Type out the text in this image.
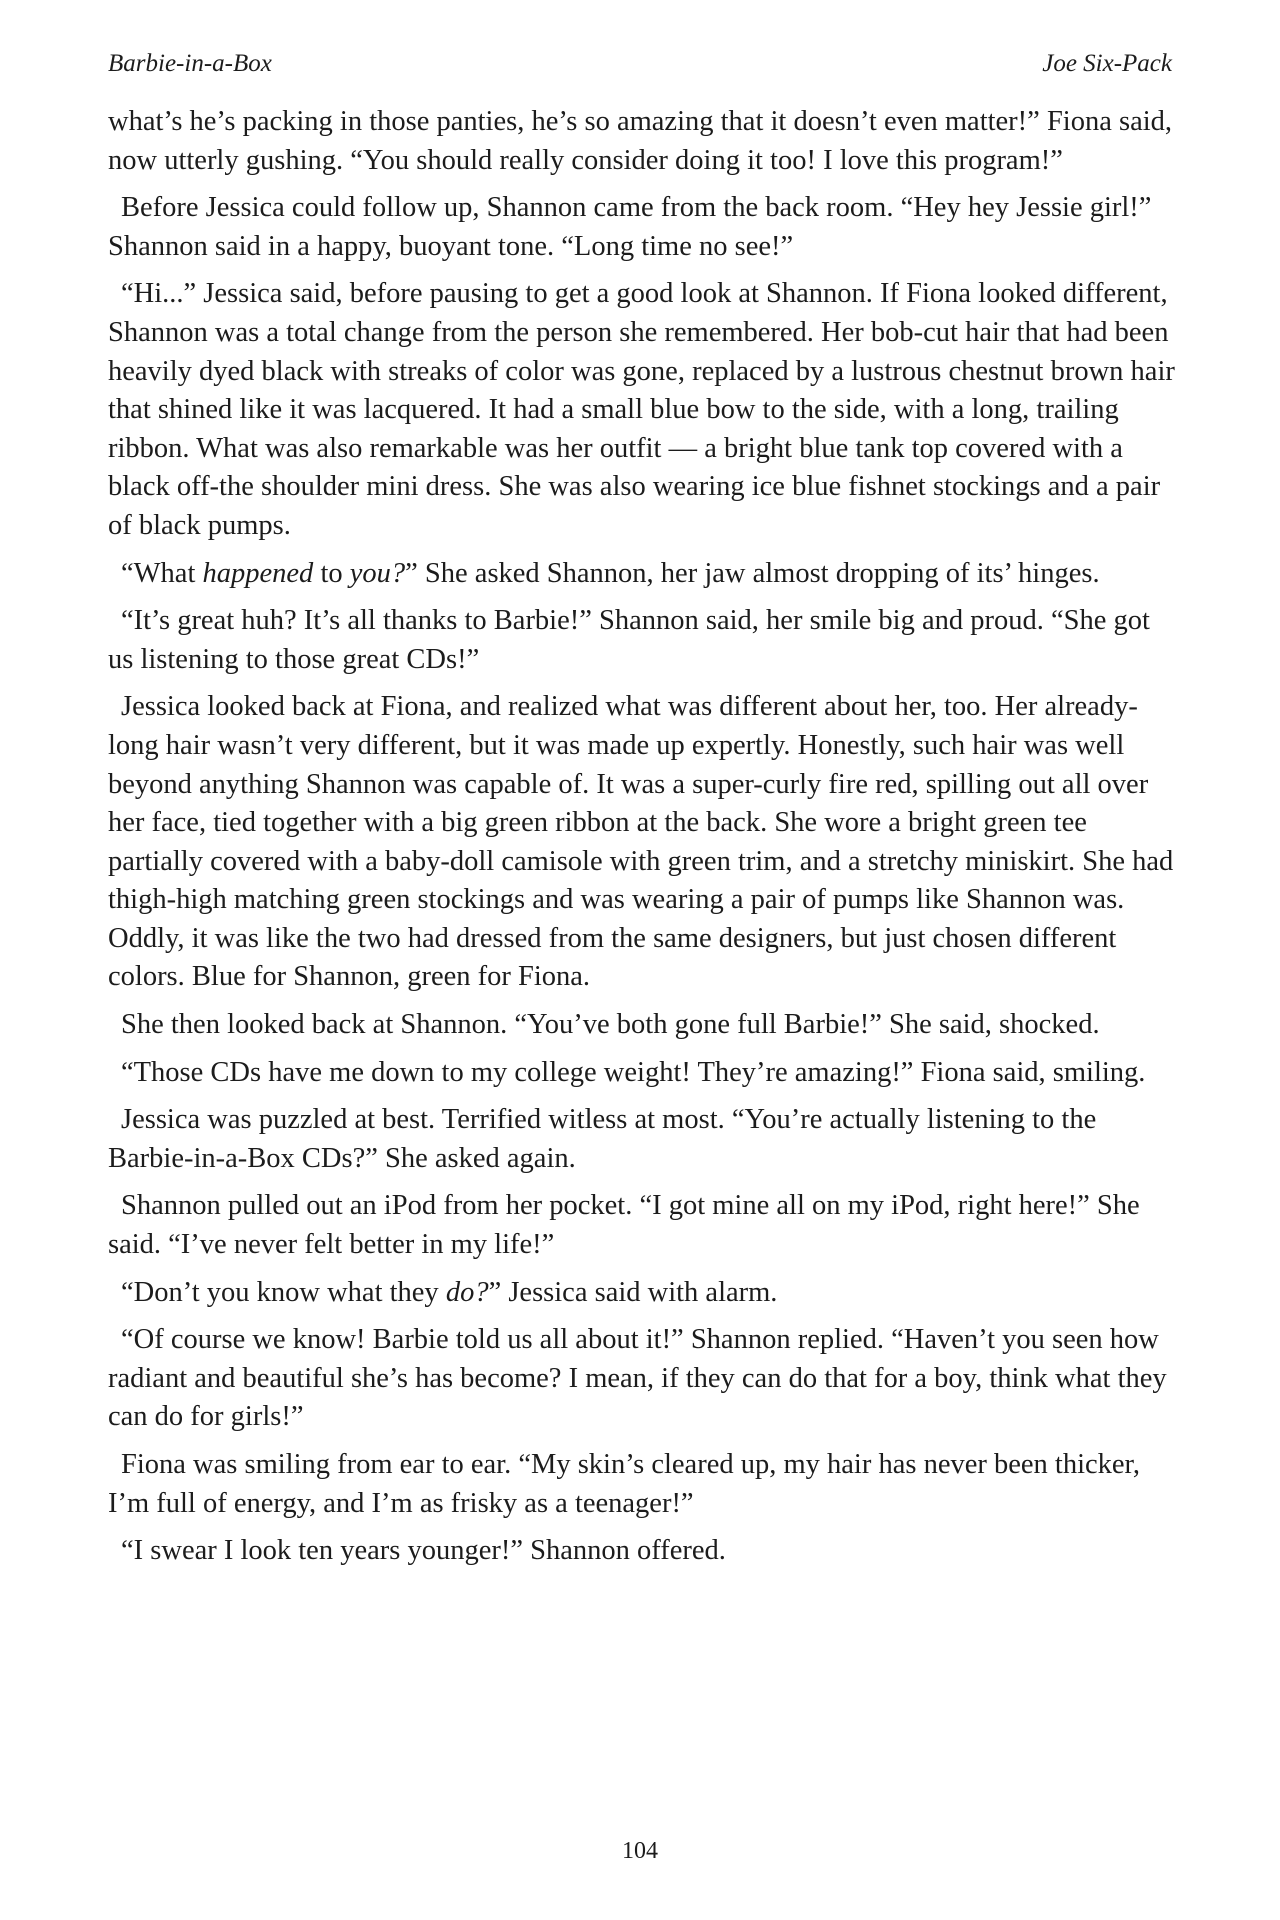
Barbie-in-a-Box	Joe Six-Pack

what’s he’s packing in those panties, he’s so amazing that it doesn’t even matter!” Fiona said, now utterly gushing. “You should really consider doing it too! I love this program!”

Before Jessica could follow up, Shannon came from the back room. “Hey hey Jessie girl!” Shannon said in a happy, buoyant tone. “Long time no see!”

“Hi...” Jessica said, before pausing to get a good look at Shannon. If Fiona looked different, Shannon was a total change from the person she remembered. Her bob-cut hair that had been heavily dyed black with streaks of color was gone, replaced by a lustrous chestnut brown hair that shined like it was lacquered. It had a small blue bow to the side, with a long, trailing ribbon. What was also remarkable was her outfit — a bright blue tank top covered with a black off-the shoulder mini dress. She was also wearing ice blue fishnet stockings and a pair of black pumps.

“What happened to you?” She asked Shannon, her jaw almost dropping of its’ hinges.

“It’s great huh? It’s all thanks to Barbie!” Shannon said, her smile big and proud. “She got us listening to those great CDs!”

Jessica looked back at Fiona, and realized what was different about her, too. Her already-long hair wasn’t very different, but it was made up expertly. Honestly, such hair was well beyond anything Shannon was capable of. It was a super-curly fire red, spilling out all over her face, tied together with a big green ribbon at the back. She wore a bright green tee partially covered with a baby-doll camisole with green trim, and a stretchy miniskirt. She had thigh-high matching green stockings and was wearing a pair of pumps like Shannon was. Oddly, it was like the two had dressed from the same designers, but just chosen different colors. Blue for Shannon, green for Fiona.

She then looked back at Shannon. “You’ve both gone full Barbie!” She said, shocked.

“Those CDs have me down to my college weight! They’re amazing!” Fiona said, smiling.

Jessica was puzzled at best. Terrified witless at most. “You’re actually listening to the Barbie-in-a-Box CDs?” She asked again.

Shannon pulled out an iPod from her pocket. “I got mine all on my iPod, right here!” She said. “I’ve never felt better in my life!”

“Don’t you know what they do?” Jessica said with alarm.

“Of course we know! Barbie told us all about it!” Shannon replied. “Haven’t you seen how radiant and beautiful she’s has become? I mean, if they can do that for a boy, think what they can do for girls!”

Fiona was smiling from ear to ear. “My skin’s cleared up, my hair has never been thicker, I’m full of energy, and I’m as frisky as a teenager!”

“I swear I look ten years younger!” Shannon offered.

104
